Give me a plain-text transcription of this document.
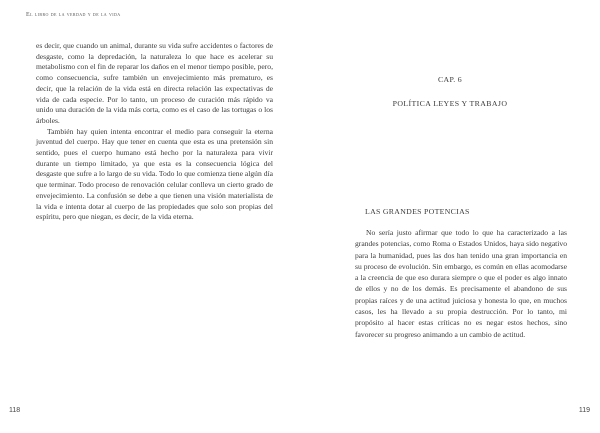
El libro de la verdad y de la vida

es decir, que cuando un animal, durante su vida sufre accidentes o factores de desgaste, como la depredación, la naturaleza lo que hace es acelerar su metabolismo con el fin de reparar los daños en el menor tiempo posible, pero, como consecuencia, sufre también un envejecimiento más prematuro, es decir, que la relación de la vida está en directa relación las expectativas de vida de cada especie. Por lo tanto, un proceso de curación más rápido va unido una duración de la vida más corta, como es el caso de las tortugas o los árboles.

También hay quien intenta encontrar el medio para conseguir la eterna juventud del cuerpo. Hay que tener en cuenta que esta es una pretensión sin sentido, pues el cuerpo humano está hecho por la naturaleza para vivir durante un tiempo limitado, ya que esta es la consecuencia lógica del desgaste que sufre a lo largo de su vida. Todo lo que comienza tiene algún día que terminar. Todo proceso de renovación celular conlleva un cierto grado de envejecimiento. La confusión se debe a que tienen una visión materialista de la vida e intenta dotar al cuerpo de las propiedades que solo son propias del espíritu, pero que niegan, es decir, de la vida eterna.

118
CAP. 6
POLÍTICA LEYES Y TRABAJO
LAS GRANDES POTENCIAS

No sería justo afirmar que todo lo que ha caracterizado a las grandes potencias, como Roma o Estados Unidos, haya sido negativo para la humanidad, pues las dos han tenido una gran importancia en su proceso de evolución. Sin embargo, es común en ellas acomodarse a la creencia de que eso durara siempre o que el poder es algo innato de ellos y no de los demás. Es precisamente el abandono de sus propias raíces y de una actitud juiciosa y honesta lo que, en muchos casos, les ha llevado a su propia destrucción. Por lo tanto, mi propósito al hacer estas críticas no es negar estos hechos, sino favorecer su progreso animando a un cambio de actitud.

119
